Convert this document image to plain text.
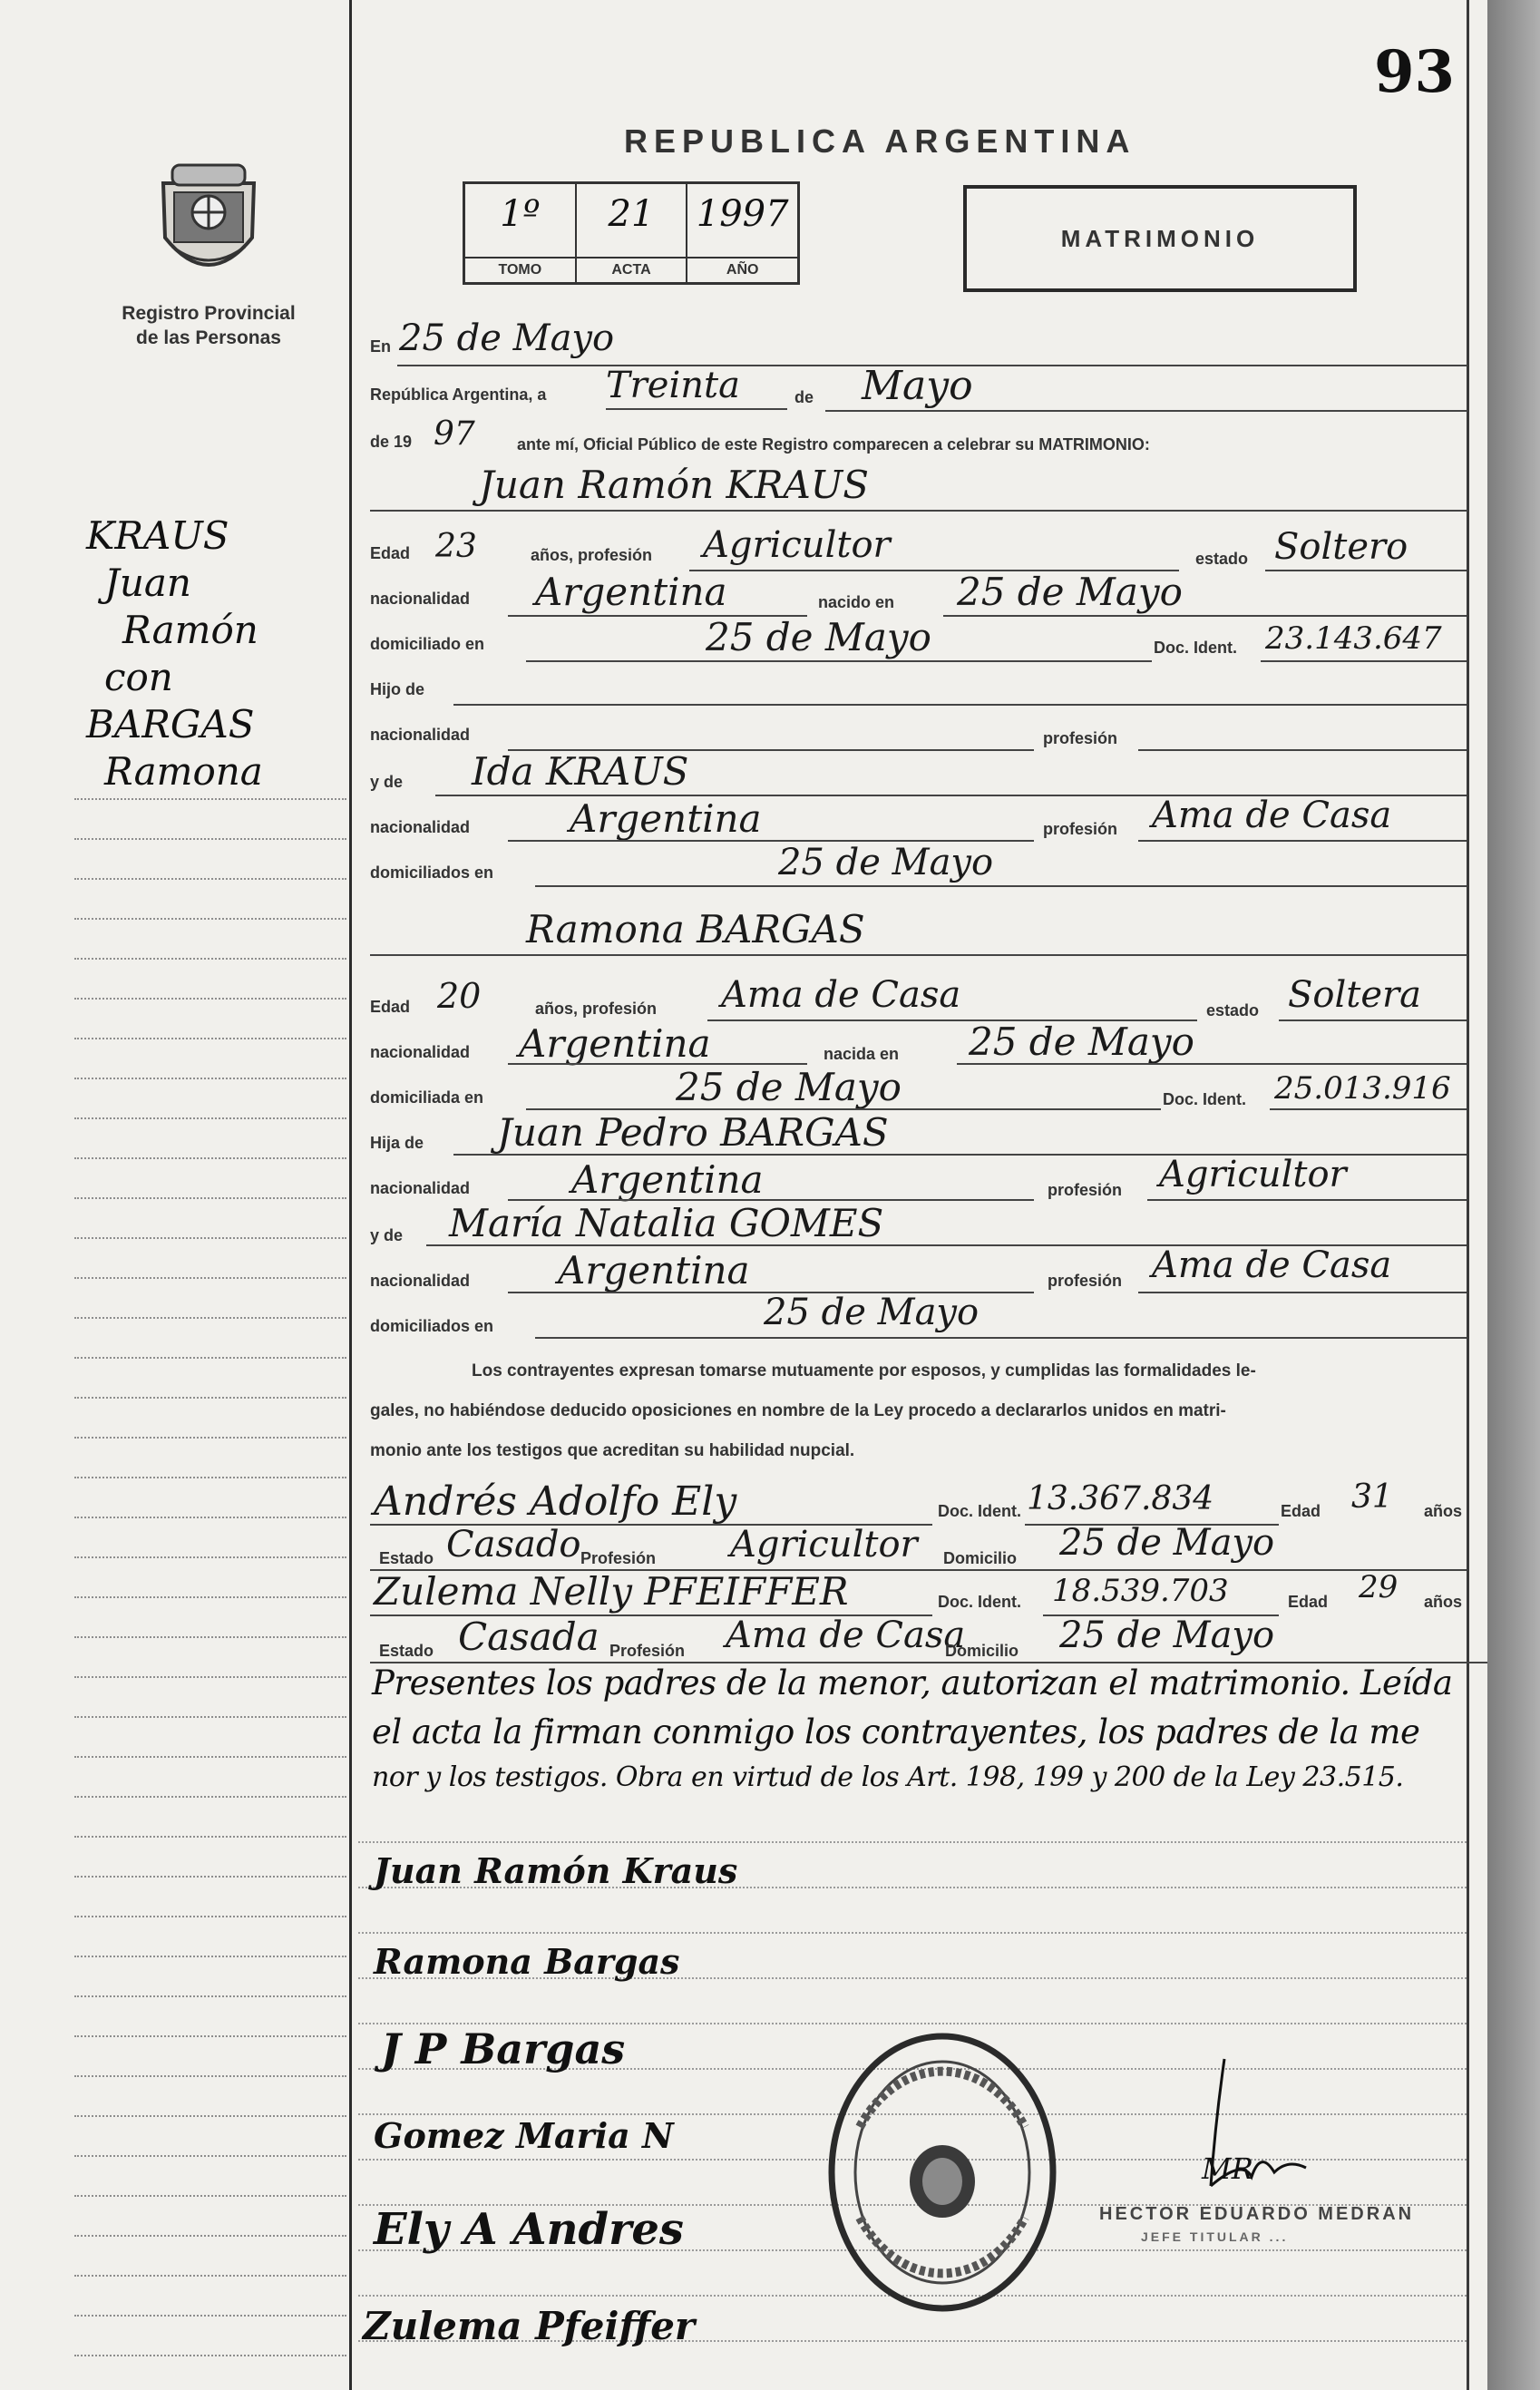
Registro Provincial
de las Personas
KRAUS
Juan
Ramón
con
BARGAS
Ramona
93
REPUBLICA ARGENTINA
1º
TOMO
21
ACTA
1997
AÑO
MATRIMONIO
En 25 de Mayo
República Argentina, a Treinta	de Mayo
de 19 97	ante mí, Oficial Público de este Registro comparecen a celebrar su MATRIMONIO:
Juan Ramón KRAUS
Edad 23	años, profesión Agricultor	estado Soltero
nacionalidad Argentina	nacido en 25 de Mayo
domiciliado en	25 de Mayo	Doc. Ident. 23.143.647
Hijo de
nacionalidad	profesión
y de Ida KRAUS
nacionalidad	Argentina	profesión Ama de Casa
domiciliados en	25 de Mayo
Ramona BARGAS
Edad 20	años, profesión Ama de Casa	estado Soltera
nacionalidad Argentina	nacida en 25 de Mayo
domiciliada en	25 de Mayo	Doc. Ident. 25.013.916
Hija de Juan Pedro BARGAS
nacionalidad	Argentina	profesión Agricultor
y de María Natalia GOMES
nacionalidad Argentina	profesión Ama de Casa
domiciliados en	25 de Mayo
Los contrayentes expresan tomarse mutuamente por esposos, y cumplidas las formalidades le-
gales, no habiéndose deducido oposiciones en nombre de la Ley procedo a declararlos unidos en matri-
monio ante los testigos que acreditan su habilidad nupcial.
Andrés Adolfo Ely	Doc. Ident. 13.367.834	Edad 31 años
Estado Casado Profesión Agricultor Domicilio 25 de Mayo
Zulema Nelly PFEIFFER	Doc. Ident. 18.539.703	Edad 29 años
Estado Casada Profesión Ama de Casa
Domicilio 25 de Mayo
Presentes los padres de la menor, autorizan el matrimonio. Leída
el acta la firman conmigo los contrayentes, los padres de la me
nor y los testigos. Obra en virtud de los Art. 198, 199 y 200 de la Ley 23.515.
Juan Ramón Kraus
Ramona Bargas
J P Bargas
Gomez Maria N
Ely A Andres
Zulema Pfeiffer
MR
HECTOR EDUARDO MEDRAN
JEFE TITULAR ...
